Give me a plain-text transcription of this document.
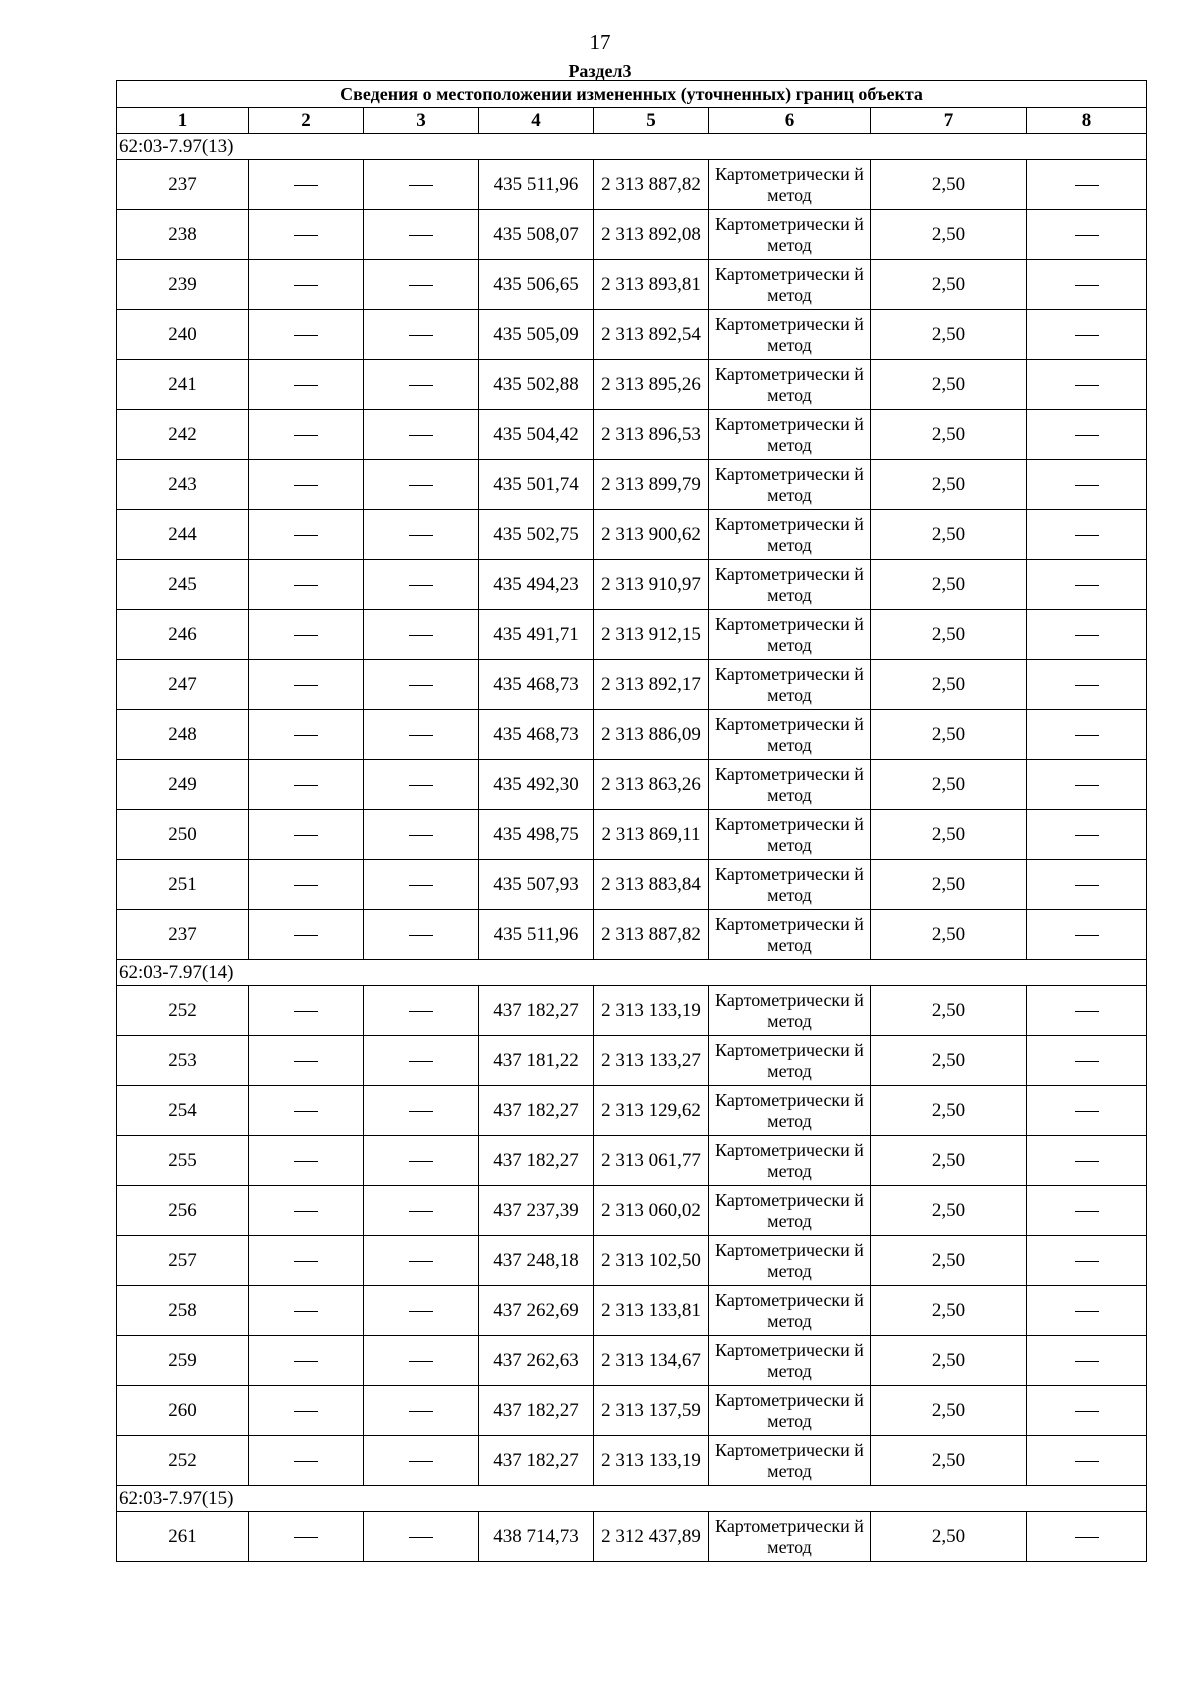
17
Раздел3
Сведения о местоположении измененных (уточненных) границ объекта							
1	2	3	4	5	6	7	8
62:03-7.97(13)							
237			435 511,96	2 313 887,82	Картометрически й метод	2,50	
238			435 508,07	2 313 892,08	Картометрически й метод	2,50	
239			435 506,65	2 313 893,81	Картометрически й метод	2,50	
240			435 505,09	2 313 892,54	Картометрически й метод	2,50	
241			435 502,88	2 313 895,26	Картометрически й метод	2,50	
242			435 504,42	2 313 896,53	Картометрически й метод	2,50	
243			435 501,74	2 313 899,79	Картометрически й метод	2,50	
244			435 502,75	2 313 900,62	Картометрически й метод	2,50	
245			435 494,23	2 313 910,97	Картометрически й метод	2,50	
246			435 491,71	2 313 912,15	Картометрически й метод	2,50	
247			435 468,73	2 313 892,17	Картометрически й метод	2,50	
248			435 468,73	2 313 886,09	Картометрически й метод	2,50	
249			435 492,30	2 313 863,26	Картометрически й метод	2,50	
250			435 498,75	2 313 869,11	Картометрически й метод	2,50	
251			435 507,93	2 313 883,84	Картометрически й метод	2,50	
237			435 511,96	2 313 887,82	Картометрически й метод	2,50	
62:03-7.97(14)							
252			437 182,27	2 313 133,19	Картометрически й метод	2,50	
253			437 181,22	2 313 133,27	Картометрически й метод	2,50	
254			437 182,27	2 313 129,62	Картометрически й метод	2,50	
255			437 182,27	2 313 061,77	Картометрически й метод	2,50	
256			437 237,39	2 313 060,02	Картометрически й метод	2,50	
257			437 248,18	2 313 102,50	Картометрически й метод	2,50	
258			437 262,69	2 313 133,81	Картометрически й метод	2,50	
259			437 262,63	2 313 134,67	Картометрически й метод	2,50	
260			437 182,27	2 313 137,59	Картометрически й метод	2,50	
252			437 182,27	2 313 133,19	Картометрически й метод	2,50	
62:03-7.97(15)							
261			438 714,73	2 312 437,89	Картометрически й метод	2,50	
